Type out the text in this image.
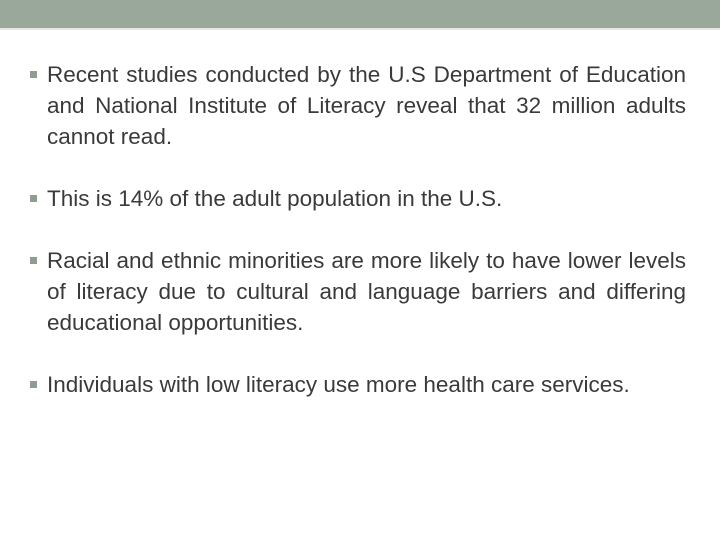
Recent studies conducted by the U.S Department of Education and National Institute of Literacy reveal that 32 million adults cannot read.
This is 14% of the adult population in the U.S.
Racial and ethnic minorities are more likely to have lower levels of literacy due to cultural and language barriers and differing educational opportunities.
Individuals with low literacy use more health care services.
